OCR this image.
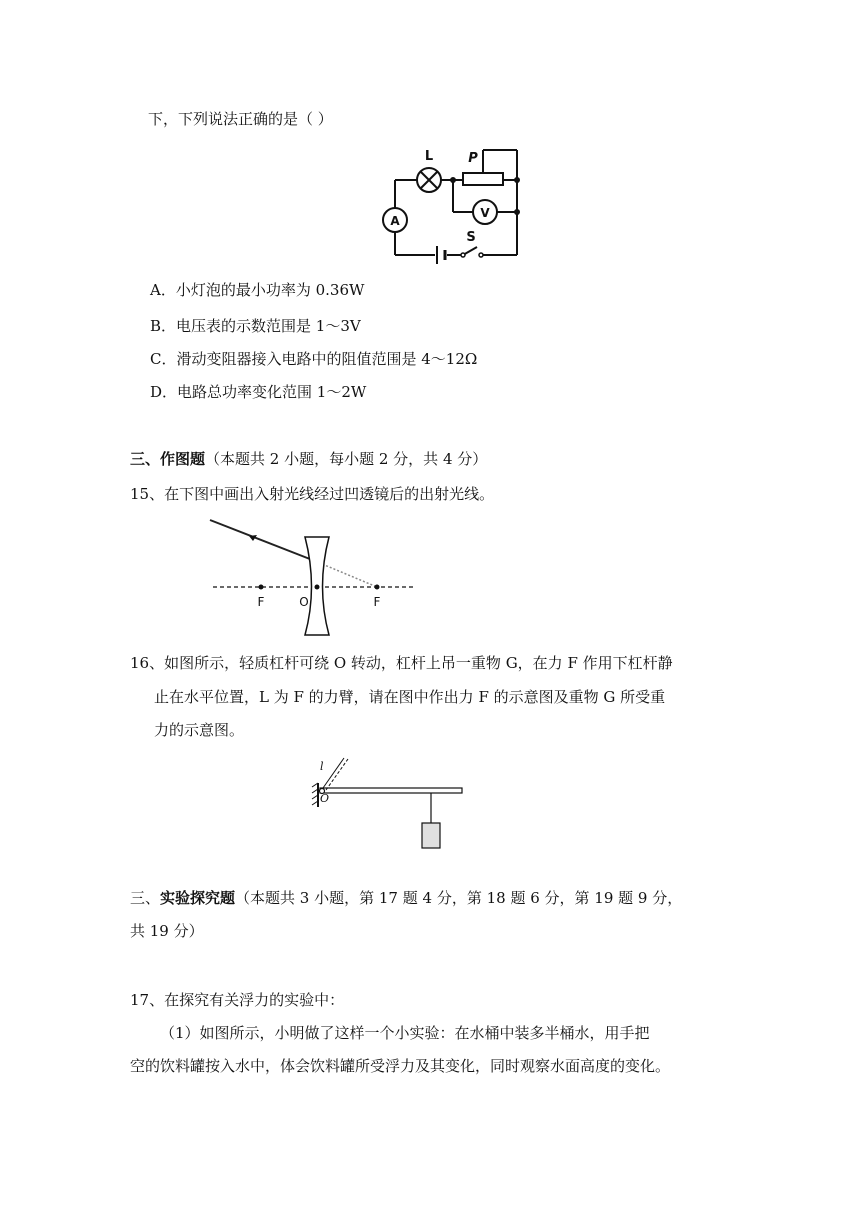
下，下列说法正确的是（ ）
A
V
L	P
S
A．小灯泡的最小功率为 0.36W
B．电压表的示数范围是 1～3V
C．滑动变阻器接入电路中的阻值范围是 4～12Ω
D．电路总功率变化范围 1～2W
三、作图题（本题共 2 小题，每小题 2 分，共 4 分）
15、在下图中画出入射光线经过凹透镜后的出射光线。
F	O	F
16、如图所示，轻质杠杆可绕 O 转动，杠杆上吊一重物 G，在力 F 作用下杠杆静
止在水平位置，L 为 F 的力臂，请在图中作出力 F 的示意图及重物 G 所受重
力的示意图。
l
O
三、实验探究题（本题共 3 小题，第 17 题 4 分，第 18 题 6 分，第 19 题 9 分，
共 19 分）
17、在探究有关浮力的实验中：
（1）如图所示，小明做了这样一个小实验：在水桶中装多半桶水，用手把
空的饮料罐按入水中，体会饮料罐所受浮力及其变化，同时观察水面高度的变化。
